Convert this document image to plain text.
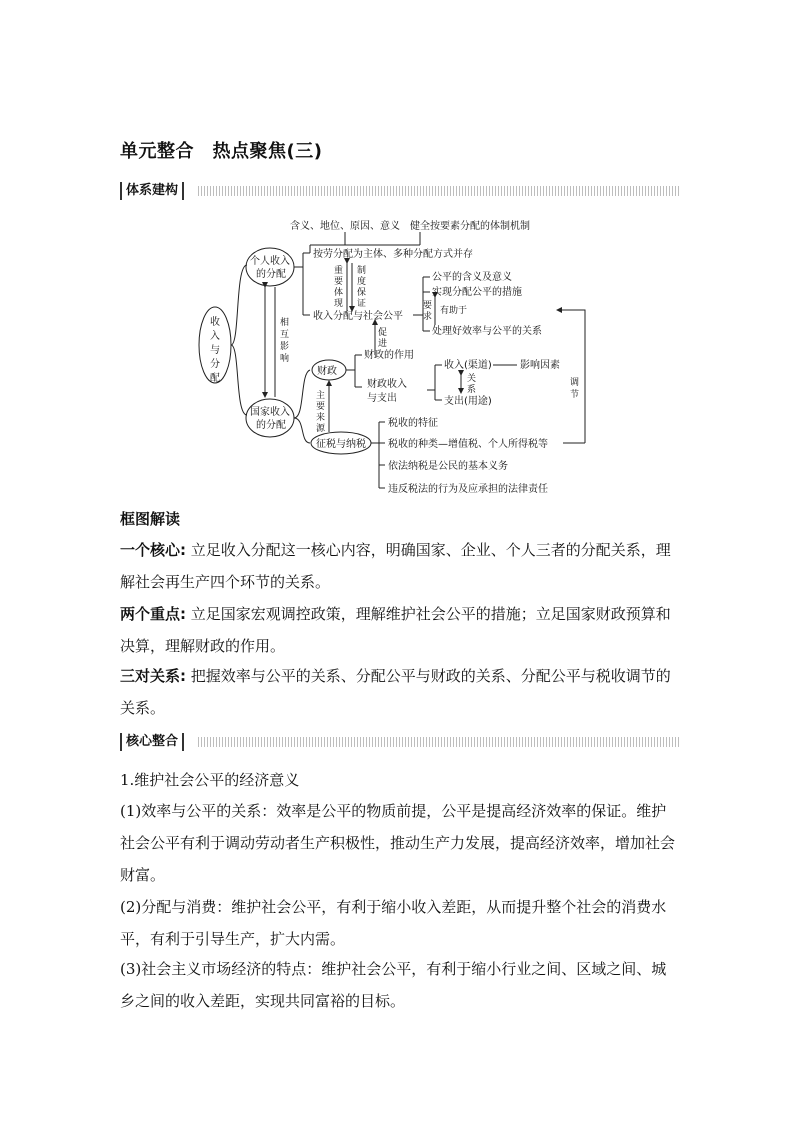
单元整合　热点聚焦(三)
体系建构
收入与分配
个人收入的分配
国家收入的分配
相互影响
含义、地位、原因、意义　健全按要素分配的体制机制
按劳分配为主体、多种分配方式并存
重要体现
制度保证
收入分配与社会公平
公平的含义及意义
实现分配公平的措施
处理好效率与公平的关系
要求
有助于
财政
促进
财政的作用
财政收入与支出
收入(渠道)	影响因素
关系
支出(用途)
主要来源
征税与纳税
税收的特征
税收的种类—增值税、个人所得税等
依法纳税是公民的基本义务
违反税法的行为及应承担的法律责任
调节
框图解读
一个核心: 立足收入分配这一核心内容，明确国家、企业、个人三者的分配关系，理解社会再生产四个环节的关系。
两个重点: 立足国家宏观调控政策，理解维护社会公平的措施；立足国家财政预算和决算，理解财政的作用。
三对关系: 把握效率与公平的关系、分配公平与财政的关系、分配公平与税收调节的关系。
核心整合
1.维护社会公平的经济意义
(1)效率与公平的关系：效率是公平的物质前提，公平是提高经济效率的保证。维护社会公平有利于调动劳动者生产积极性，推动生产力发展，提高经济效率，增加社会财富。
(2)分配与消费：维护社会公平，有利于缩小收入差距，从而提升整个社会的消费水平，有利于引导生产，扩大内需。
(3)社会主义市场经济的特点：维护社会公平，有利于缩小行业之间、区域之间、城乡之间的收入差距，实现共同富裕的目标。
